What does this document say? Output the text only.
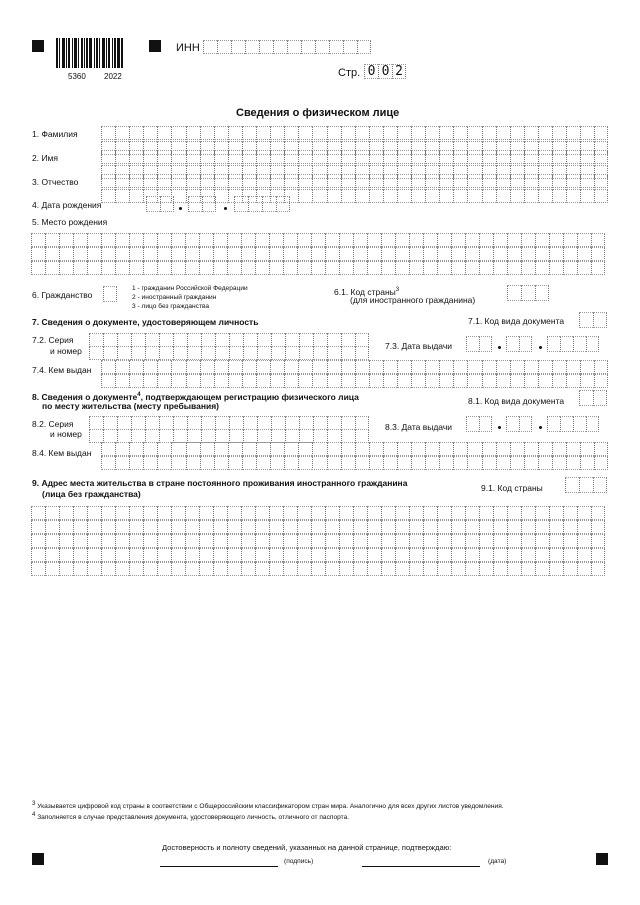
5360 2022
ИНН
Стр. 0 0 2
Сведения о физическом лице
1. Фамилия
2. Имя
3. Отчество
4. Дата рождения
5. Место рождения
6. Гражданство
1 - гражданин Российской Федерации
2 - иностранный гражданин
3 - лицо без гражданства
6.1. Код страны$^3$
(для иностранного гражданина)
7. Сведения о документе, удостоверяющем личность	7.1. Код вида документа
7.2. Серия
и номер	7.3. Дата выдачи
7.4. Кем выдан
8. Сведения о документе$^4$, подтверждающем регистрацию физического лица
по месту жительства (месту пребывания)	8.1. Код вида документа
8.2. Серия
и номер
8.3. Дата выдачи
8.4. Кем выдан
9. Адрес места жительства в стране постоянного проживания иностранного гражданина
(лица без гражданства)
9.1. Код страны
$^3$ Указывается цифровой код страны в соответствии с Общероссийским классификатором стран мира. Аналогично для всех других листов уведомления.
$^4$ Заполняется в случае представления документа, удостоверяющего личность, отличного от паспорта.
Достоверность и полноту сведений, указанных на данной странице, подтверждаю:
(подпись)	(дата)
